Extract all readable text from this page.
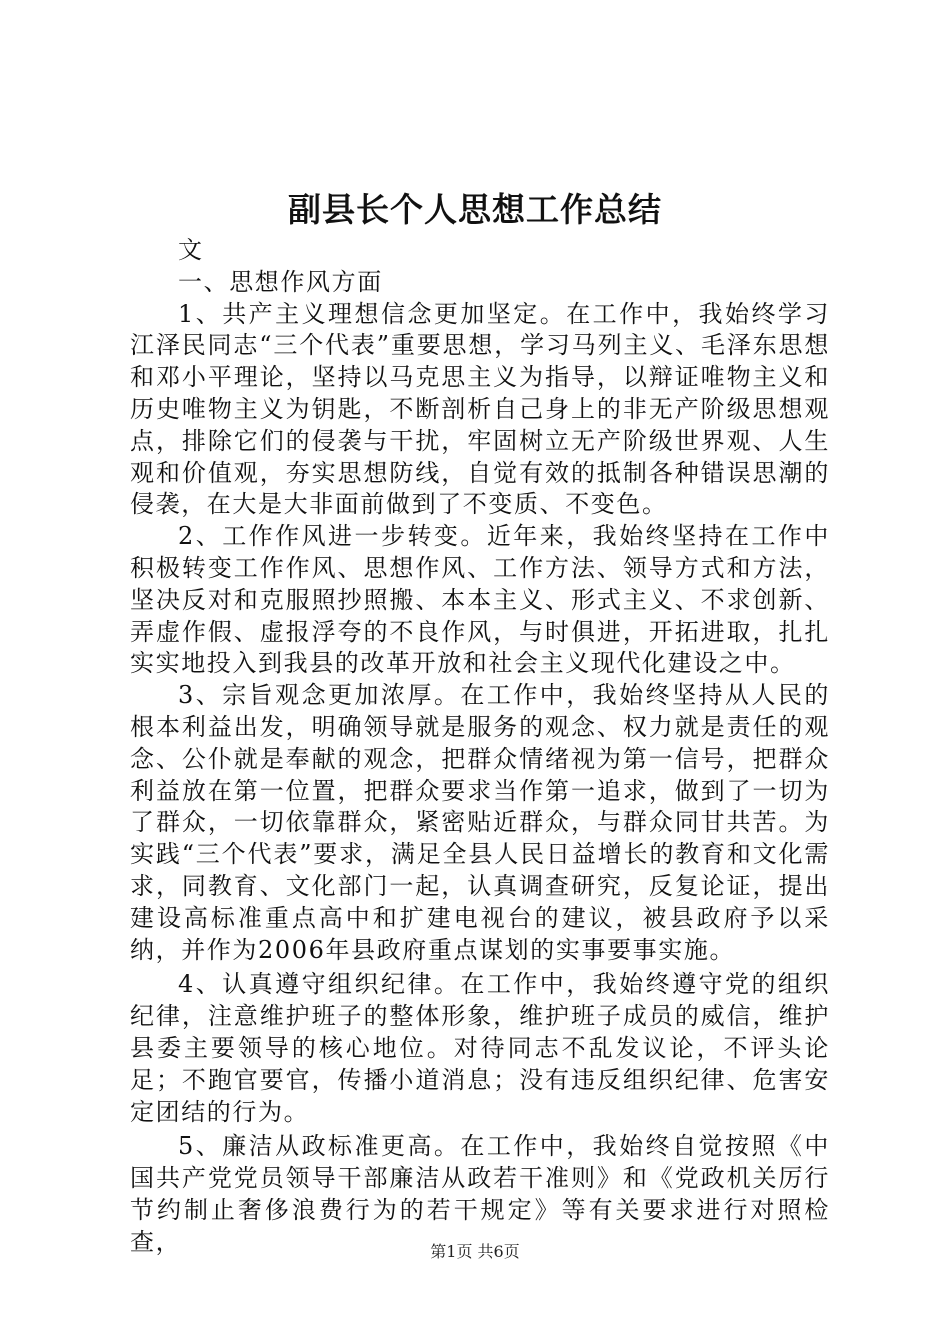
副县长个人思想工作总结

文

一、思想作风方面

1、共产主义理想信念更加坚定。在工作中，我始终学习江泽民同志“三个代表”重要思想，学习马列主义、毛泽东思想和邓小平理论，坚持以马克思主义为指导，以辩证唯物主义和历史唯物主义为钥匙，不断剖析自己身上的非无产阶级思想观点，排除它们的侵袭与干扰，牢固树立无产阶级世界观、人生观和价值观，夯实思想防线，自觉有效的抵制各种错误思潮的侵袭，在大是大非面前做到了不变质、不变色。

2、工作作风进一步转变。近年来，我始终坚持在工作中积极转变工作作风、思想作风、工作方法、领导方式和方法，坚决反对和克服照抄照搬、本本主义、形式主义、不求创新、弄虚作假、虚报浮夸的不良作风，与时俱进，开拓进取，扎扎实实地投入到我县的改革开放和社会主义现代化建设之中。

3、宗旨观念更加浓厚。在工作中，我始终坚持从人民的根本利益出发，明确领导就是服务的观念、权力就是责任的观念、公仆就是奉献的观念，把群众情绪视为第一信号，把群众利益放在第一位置，把群众要求当作第一追求，做到了一切为了群众，一切依靠群众，紧密贴近群众，与群众同甘共苦。为实践“三个代表”要求，满足全县人民日益增长的教育和文化需求，同教育、文化部门一起，认真调查研究，反复论证，提出建设高标准重点高中和扩建电视台的建议，被县政府予以采纳，并作为2006年县政府重点谋划的实事要事实施。

4、认真遵守组织纪律。在工作中，我始终遵守党的组织纪律，注意维护班子的整体形象，维护班子成员的威信，维护县委主要领导的核心地位。对待同志不乱发议论，不评头论足；不跑官要官，传播小道消息；没有违反组织纪律、危害安定团结的行为。

5、廉洁从政标准更高。在工作中，我始终自觉按照《中国共产党党员领导干部廉洁从政若干准则》和《党政机关厉行节约制止奢侈浪费行为的若干规定》等有关要求进行对照检查，	第1页 共6页
